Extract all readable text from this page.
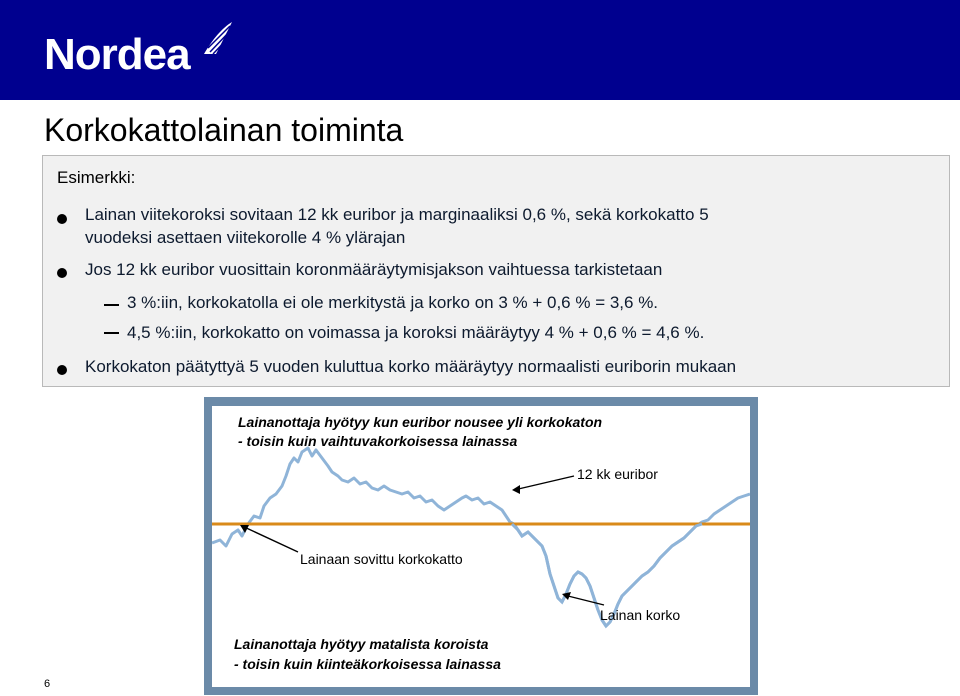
Nordea
Korkokattolainan toiminta
Esimerkki:
Lainan viitekoroksi sovitaan 12 kk euribor ja marginaaliksi 0,6 %, sekä korkokatto 5
vuodeksi asettaen viitekorolle 4 % ylärajan
Jos 12 kk euribor vuosittain koronmääräytymisjakson vaihtuessa tarkistetaan
3 %:iin, korkokatolla ei ole merkitystä ja korko on 3 % + 0,6 % = 3,6 %.
4,5 %:iin, korkokatto on voimassa ja koroksi määräytyy 4 % + 0,6 % = 4,6 %.
Korkokaton päätyttyä 5 vuoden kuluttua korko määräytyy normaalisti euriborin mukaan
Lainanottaja hyötyy kun euribor nousee yli korkokaton
- toisin kuin vaihtuvakorkoisessa lainassa
12 kk euribor
Lainaan sovittu korkokatto
Lainan korko
Lainanottaja hyötyy matalista koroista
- toisin kuin kiinteäkorkoisessa lainassa
6
